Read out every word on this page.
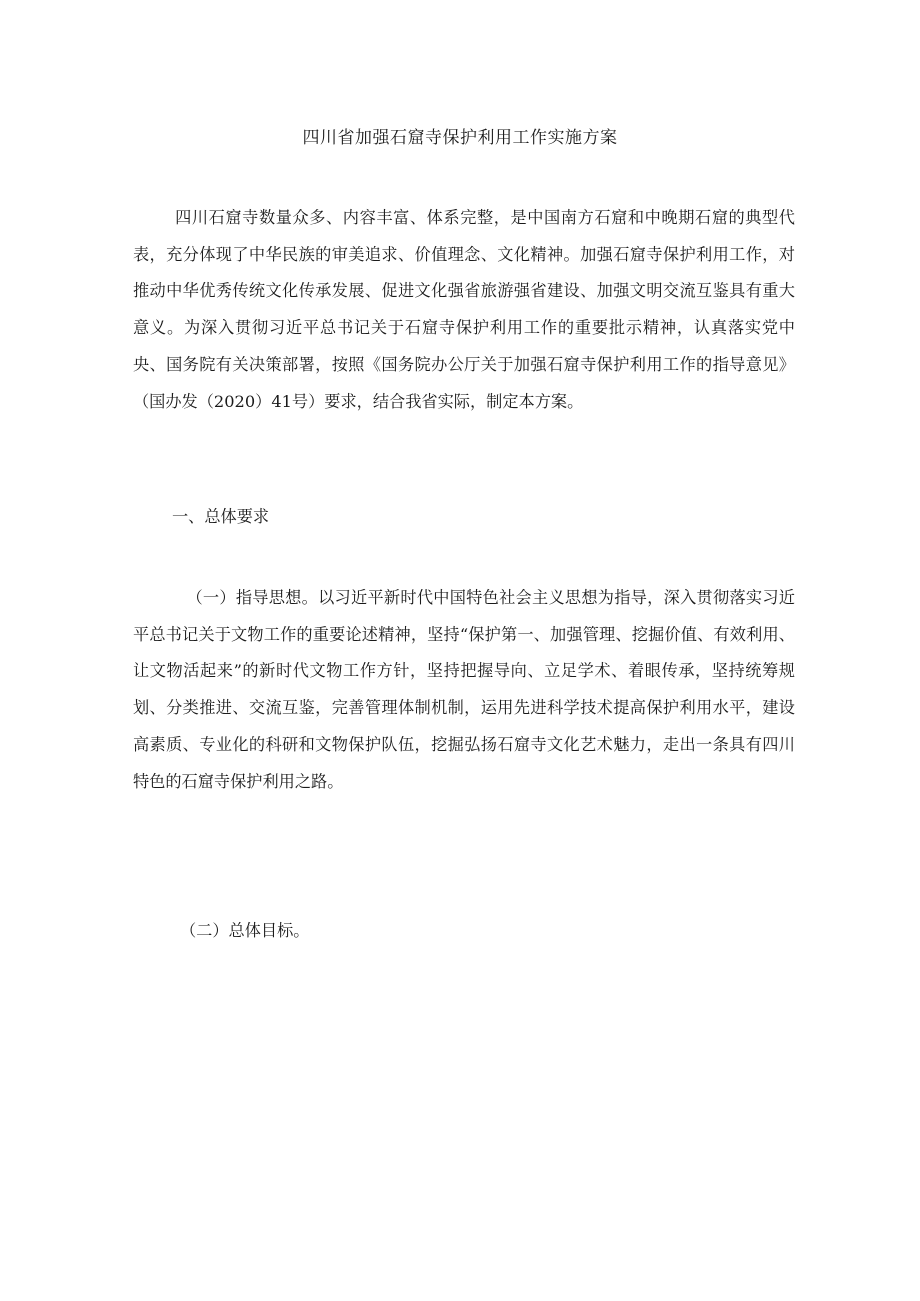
四川省加强石窟寺保护利用工作实施方案

四川石窟寺数量众多、内容丰富、体系完整，是中国南方石窟和中晚期石窟的典型代表，充分体现了中华民族的审美追求、价值理念、文化精神。加强石窟寺保护利用工作，对推动中华优秀传统文化传承发展、促进文化强省旅游强省建设、加强文明交流互鉴具有重大意义。为深入贯彻习近平总书记关于石窟寺保护利用工作的重要批示精神，认真落实党中央、国务院有关决策部署，按照《国务院办公厅关于加强石窟寺保护利用工作的指导意见》（国办发（2020）41号）要求，结合我省实际，制定本方案。

一、总体要求

（一）指导思想。以习近平新时代中国特色社会主义思想为指导，深入贯彻落实习近平总书记关于文物工作的重要论述精神，坚持“保护第一、加强管理、挖掘价值、有效利用、让文物活起来”的新时代文物工作方针，坚持把握导向、立足学术、着眼传承，坚持统筹规划、分类推进、交流互鉴，完善管理体制机制，运用先进科学技术提高保护利用水平，建设高素质、专业化的科研和文物保护队伍，挖掘弘扬石窟寺文化艺术魅力，走出一条具有四川特色的石窟寺保护利用之路。

（二）总体目标。
